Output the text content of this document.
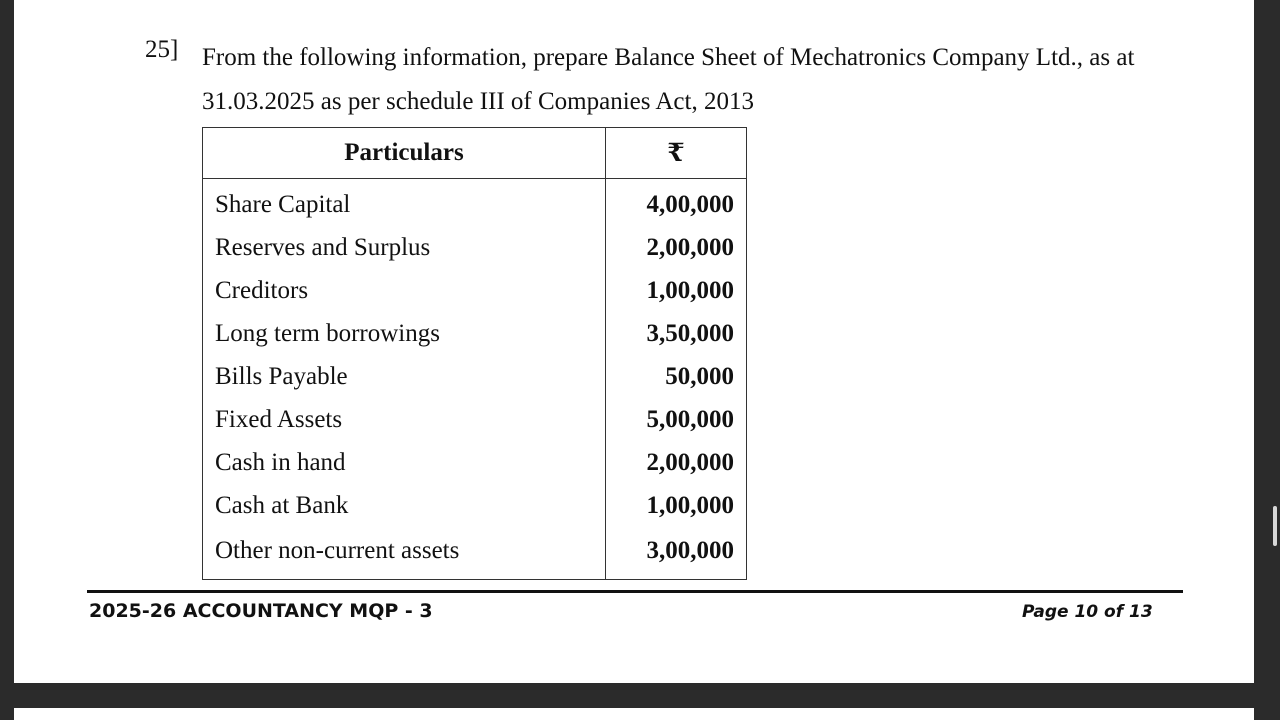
25] From the following information, prepare Balance Sheet of Mechatronics Company Ltd., as at
31.03.2025 as per schedule III of Companies Act, 2013
Particulars	₹
Share Capital	4,00,000
Reserves and Surplus	2,00,000
Creditors	1,00,000
Long term borrowings	3,50,000
Bills Payable	50,000
Fixed Assets	5,00,000
Cash in hand	2,00,000
Cash at Bank	1,00,000
Other non-current assets	3,00,000
2025-26 ACCOUNTANCY MQP - 3	Page 10 of 13
